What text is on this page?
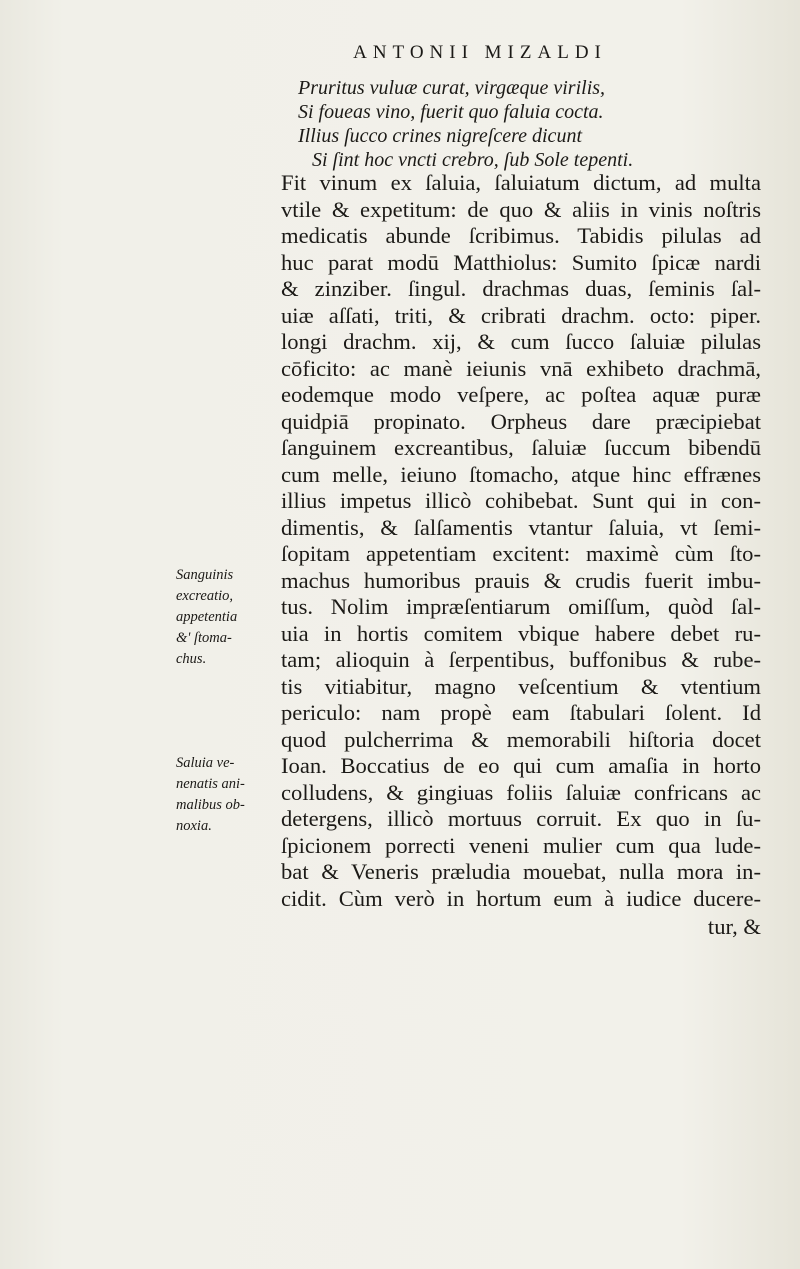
ANTONII MIZALDI
Pruritus vuluæ curat, virgæque virilis,
Si foueas vino, fuerit quo faluia cocta.
Illius ſucco crines nigreſcere dicunt
Si ſint hoc vncti crebro, ſub Sole tepenti.
Sanguinis
excreatio,
appetentia
&' ſtoma-
chus.
Saluia ve-
nenatis ani-
malibus ob-
noxia.
Fit vinum ex ſaluia, ſaluiatum dictum, ad multa
vtile & expetitum: de quo & aliis in vinis noſtris
medicatis abunde ſcribimus. Tabidis pilulas ad
huc parat modū Matthiolus: Sumito ſpicæ nardi
& zinziber. ſingul. drachmas duas, ſeminis ſal-
uiæ aſſati, triti, & cribrati drachm. octo: piper.
longi drachm. xij, & cum ſucco ſaluiæ pilulas
cōficito: ac manè ieiunis vnā exhibeto drachmā,
eodemque modo veſpere, ac poſtea aquæ puræ
quidpiā propinato. Orpheus dare præcipiebat
ſanguinem excreantibus, ſaluiæ ſuccum bibendū
cum melle, ieiuno ſtomacho, atque hinc effrænes
illius impetus illicò cohibebat. Sunt qui in con-
dimentis, & ſalſamentis vtantur ſaluia, vt ſemi-
ſopitam appetentiam excitent: maximè cùm ſto-
machus humoribus prauis & crudis fuerit imbu-
tus. Nolim impræſentiarum omiſſum, quòd ſal-
uia in hortis comitem vbique habere debet ru-
tam; alioquin à ſerpentibus, buffonibus & rube-
tis vitiabitur, magno veſcentium & vtentium
periculo: nam propè eam ſtabulari ſolent. Id
quod pulcherrima & memorabili hiſtoria docet
Ioan. Boccatius de eo qui cum amaſia in horto
colludens, & gingiuas foliis ſaluiæ confricans ac
detergens, illicò mortuus corruit. Ex quo in ſu-
ſpicionem porrecti veneni mulier cum qua lude-
bat & Veneris præludia mouebat, nulla mora in-
cidit. Cùm verò in hortum eum à iudice ducere-
tur, &
